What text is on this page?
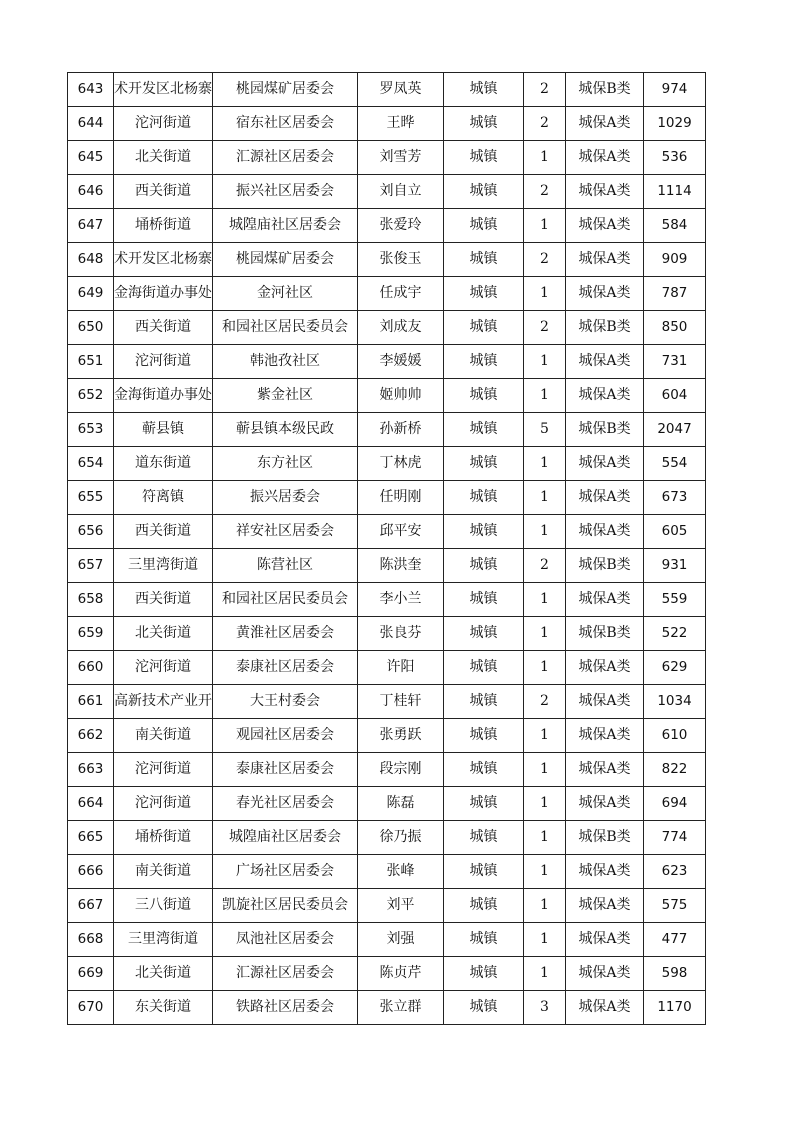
643	术开发区北杨寨	桃园煤矿居委会	罗凤英	城镇	2	城保B类	974
644	沱河街道	宿东社区居委会	王晔	城镇	2	城保A类	1029
645	北关街道	汇源社区居委会	刘雪芳	城镇	1	城保A类	536
646	西关街道	振兴社区居委会	刘自立	城镇	2	城保A类	1114
647	埇桥街道	城隍庙社区居委会	张爱玲	城镇	1	城保A类	584
648	术开发区北杨寨	桃园煤矿居委会	张俊玉	城镇	2	城保A类	909
649	金海街道办事处	金河社区	任成宇	城镇	1	城保A类	787
650	西关街道	和园社区居民委员会	刘成友	城镇	2	城保B类	850
651	沱河街道	韩池孜社区	李媛媛	城镇	1	城保A类	731
652	金海街道办事处	紫金社区	姬帅帅	城镇	1	城保A类	604
653	蕲县镇	蕲县镇本级民政	孙新桥	城镇	5	城保B类	2047
654	道东街道	东方社区	丁林虎	城镇	1	城保A类	554
655	符离镇	振兴居委会	任明刚	城镇	1	城保A类	673
656	西关街道	祥安社区居委会	邱平安	城镇	1	城保A类	605
657	三里湾街道	陈营社区	陈洪奎	城镇	2	城保B类	931
658	西关街道	和园社区居民委员会	李小兰	城镇	1	城保A类	559
659	北关街道	黄淮社区居委会	张良芬	城镇	1	城保B类	522
660	沱河街道	泰康社区居委会	许阳	城镇	1	城保A类	629
661	高新技术产业开	大王村委会	丁桂轩	城镇	2	城保A类	1034
662	南关街道	观园社区居委会	张勇跃	城镇	1	城保A类	610
663	沱河街道	泰康社区居委会	段宗刚	城镇	1	城保A类	822
664	沱河街道	春光社区居委会	陈磊	城镇	1	城保A类	694
665	埇桥街道	城隍庙社区居委会	徐乃振	城镇	1	城保B类	774
666	南关街道	广场社区居委会	张峰	城镇	1	城保A类	623
667	三八街道	凯旋社区居民委员会	刘平	城镇	1	城保A类	575
668	三里湾街道	凤池社区居委会	刘强	城镇	1	城保A类	477
669	北关街道	汇源社区居委会	陈贞芹	城镇	1	城保A类	598
670	东关街道	铁路社区居委会	张立群	城镇	3	城保A类	1170
